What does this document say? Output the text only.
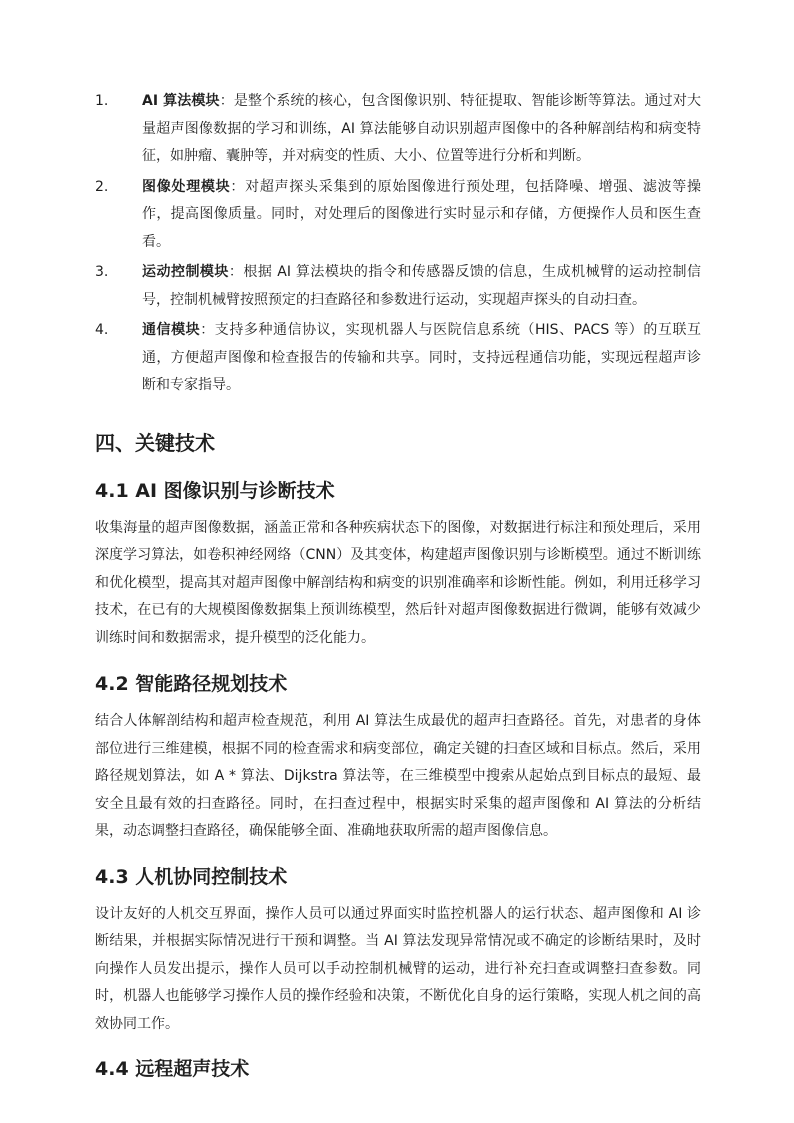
1.	AI 算法模块：是整个系统的核心，包含图像识别、特征提取、智能诊断等算法。通过对大量超声图像数据的学习和训练，AI 算法能够自动识别超声图像中的各种解剖结构和病变特征，如肿瘤、囊肿等，并对病变的性质、大小、位置等进行分析和判断。
2.	图像处理模块：对超声探头采集到的原始图像进行预处理，包括降噪、增强、滤波等操作，提高图像质量。同时，对处理后的图像进行实时显示和存储，方便操作人员和医生查看。
3.	运动控制模块：根据 AI 算法模块的指令和传感器反馈的信息，生成机械臂的运动控制信号，控制机械臂按照预定的扫查路径和参数进行运动，实现超声探头的自动扫查。
4.	通信模块：支持多种通信协议，实现机器人与医院信息系统（HIS、PACS 等）的互联互通，方便超声图像和检查报告的传输和共享。同时，支持远程通信功能，实现远程超声诊断和专家指导。
四、关键技术
4.1 AI 图像识别与诊断技术

收集海量的超声图像数据，涵盖正常和各种疾病状态下的图像，对数据进行标注和预处理后，采用深度学习算法，如卷积神经网络（CNN）及其变体，构建超声图像识别与诊断模型。通过不断训练和优化模型，提高其对超声图像中解剖结构和病变的识别准确率和诊断性能。例如，利用迁移学习技术，在已有的大规模图像数据集上预训练模型，然后针对超声图像数据进行微调，能够有效减少训练时间和数据需求，提升模型的泛化能力。

4.2 智能路径规划技术

结合人体解剖结构和超声检查规范，利用 AI 算法生成最优的超声扫查路径。首先，对患者的身体部位进行三维建模，根据不同的检查需求和病变部位，确定关键的扫查区域和目标点。然后，采用路径规划算法，如 A * 算法、Dijkstra 算法等，在三维模型中搜索从起始点到目标点的最短、最安全且最有效的扫查路径。同时，在扫查过程中，根据实时采集的超声图像和 AI 算法的分析结果，动态调整扫查路径，确保能够全面、准确地获取所需的超声图像信息。

4.3 人机协同控制技术

设计友好的人机交互界面，操作人员可以通过界面实时监控机器人的运行状态、超声图像和 AI 诊断结果，并根据实际情况进行干预和调整。当 AI 算法发现异常情况或不确定的诊断结果时，及时向操作人员发出提示，操作人员可以手动控制机械臂的运动，进行补充扫查或调整扫查参数。同时，机器人也能够学习操作人员的操作经验和决策，不断优化自身的运行策略，实现人机之间的高效协同工作。

4.4 远程超声技术
